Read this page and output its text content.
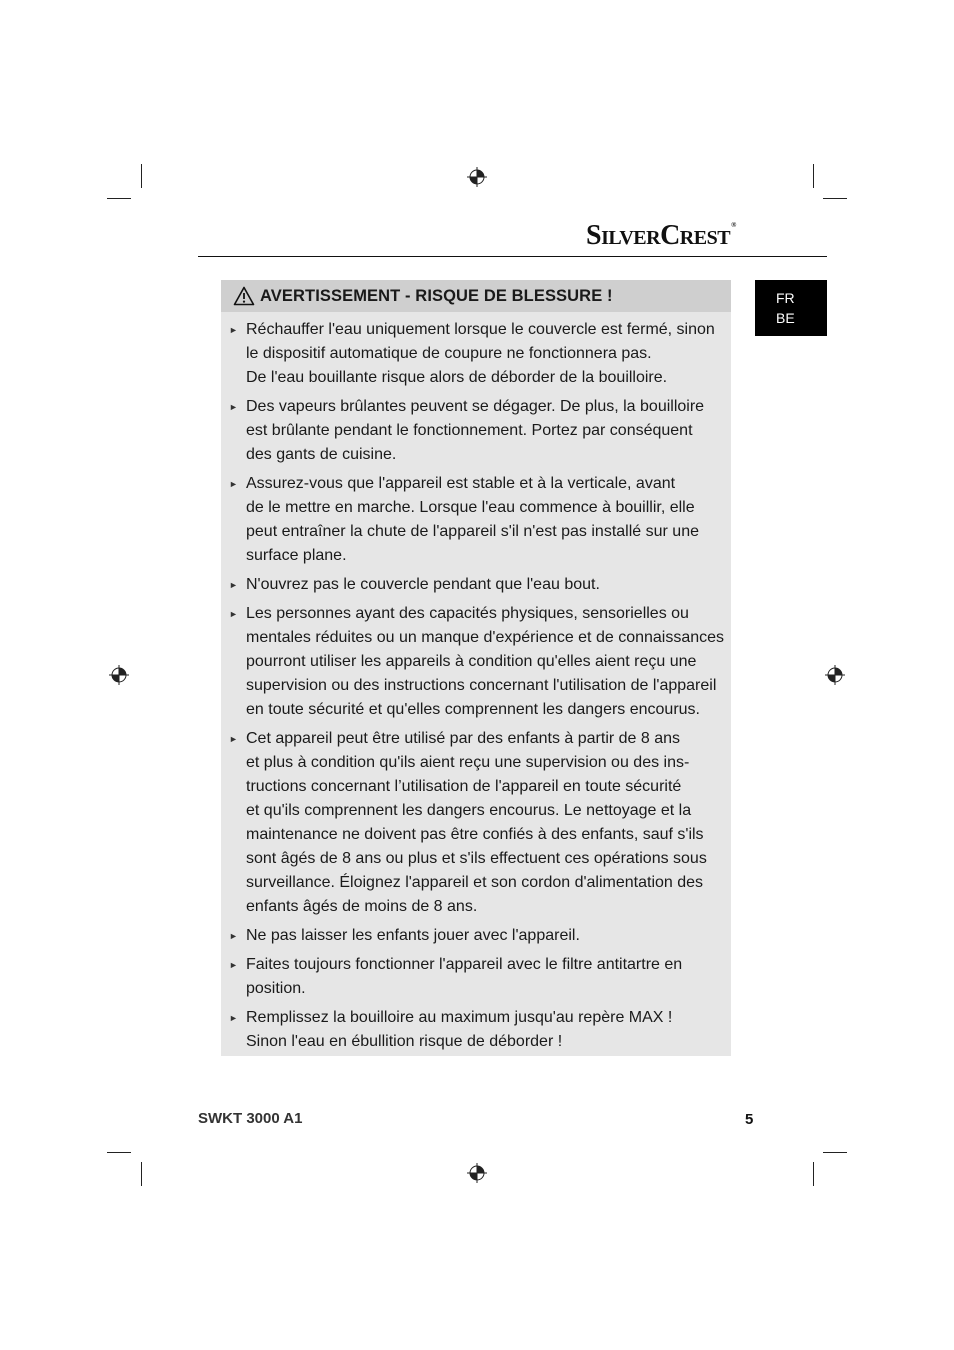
SilverCrest®
FR
BE
AVERTISSEMENT - RISQUE DE BLESSURE !
► Réchauffer l'eau uniquement lorsque le couvercle est fermé, sinon
le dispositif automatique de coupure ne fonctionnera pas.
De l'eau bouillante risque alors de déborder de la bouilloire.
► Des vapeurs brûlantes peuvent se dégager. De plus, la bouilloire
est brûlante pendant le fonctionnement. Portez par conséquent
des gants de cuisine.
► Assurez-vous que l'appareil est stable et à la verticale, avant
de le mettre en marche. Lorsque l'eau commence à bouillir, elle
peut entraîner la chute de l'appareil s'il n'est pas installé sur une
surface plane.
► N'ouvrez pas le couvercle pendant que l'eau bout.
► Les personnes ayant des capacités physiques, sensorielles ou
mentales réduites ou un manque d'expérience et de connaissances
pourront utiliser les appareils à condition qu'elles aient reçu une
supervision ou des instructions concernant l'utilisation de l'appareil
en toute sécurité et qu'elles comprennent les dangers encourus.
► Cet appareil peut être utilisé par des enfants à partir de 8 ans
et plus à condition qu'ils aient reçu une supervision ou des ins-
tructions concernant l’utilisation de l'appareil en toute sécurité
et qu'ils comprennent les dangers encourus. Le nettoyage et la
maintenance ne doivent pas être confiés à des enfants, sauf s'ils
sont âgés de 8 ans ou plus et s'ils effectuent ces opérations sous
surveillance. Éloignez l'appareil et son cordon d'alimentation des
enfants âgés de moins de 8 ans.
► Ne pas laisser les enfants jouer avec l'appareil.
► Faites toujours fonctionner l'appareil avec le filtre antitartre en
position.
► Remplissez la bouilloire au maximum jusqu'au repère MAX !
Sinon l'eau en ébullition risque de déborder !
SWKT 3000 A1	5
